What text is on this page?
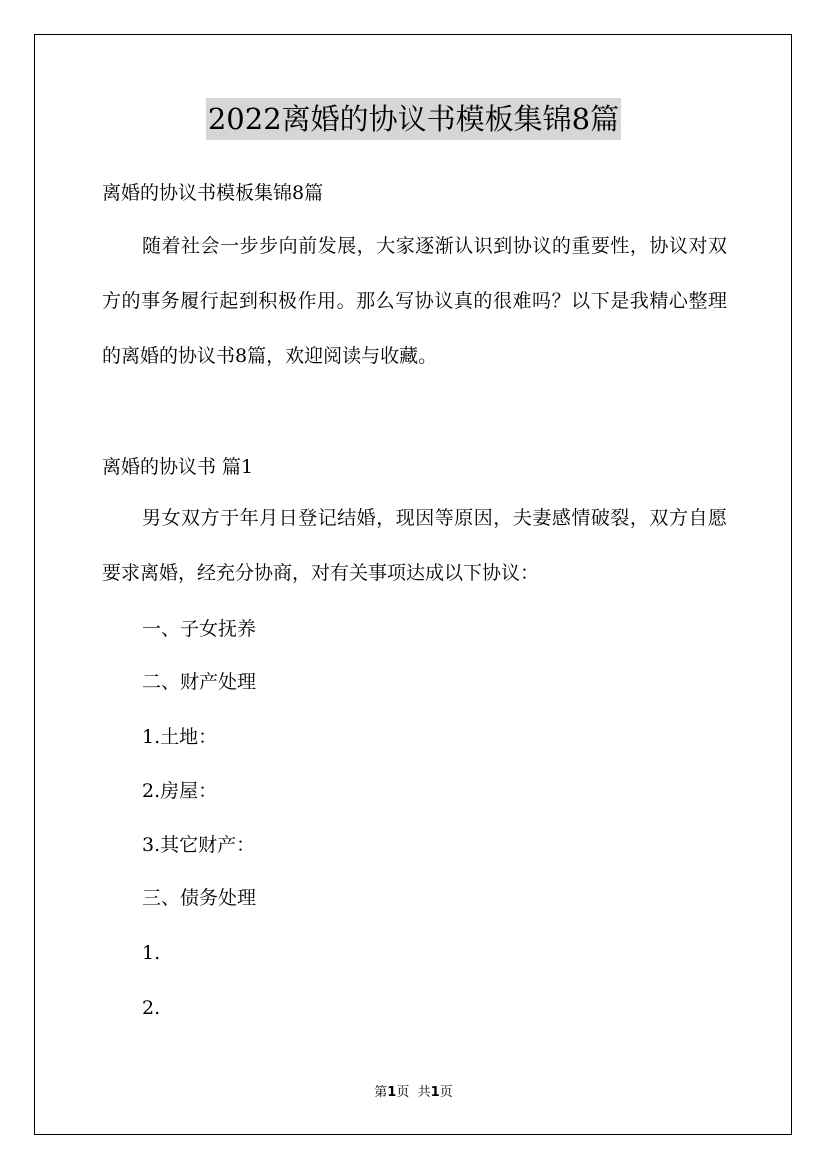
2022离婚的协议书模板集锦8篇
离婚的协议书模板集锦8篇
随着社会一步步向前发展，大家逐渐认识到协议的重要性，协议对双方的事务履行起到积极作用。那么写协议真的很难吗？以下是我精心整理的离婚的协议书8篇，欢迎阅读与收藏。
离婚的协议书 篇1
男女双方于年月日登记结婚，现因等原因，夫妻感情破裂，双方自愿要求离婚，经充分协商，对有关事项达成以下协议：
一、子女抚养
二、财产处理
1.土地：
2.房屋：
3.其它财产：
三、债务处理
1.
2.
第1页 共1页
